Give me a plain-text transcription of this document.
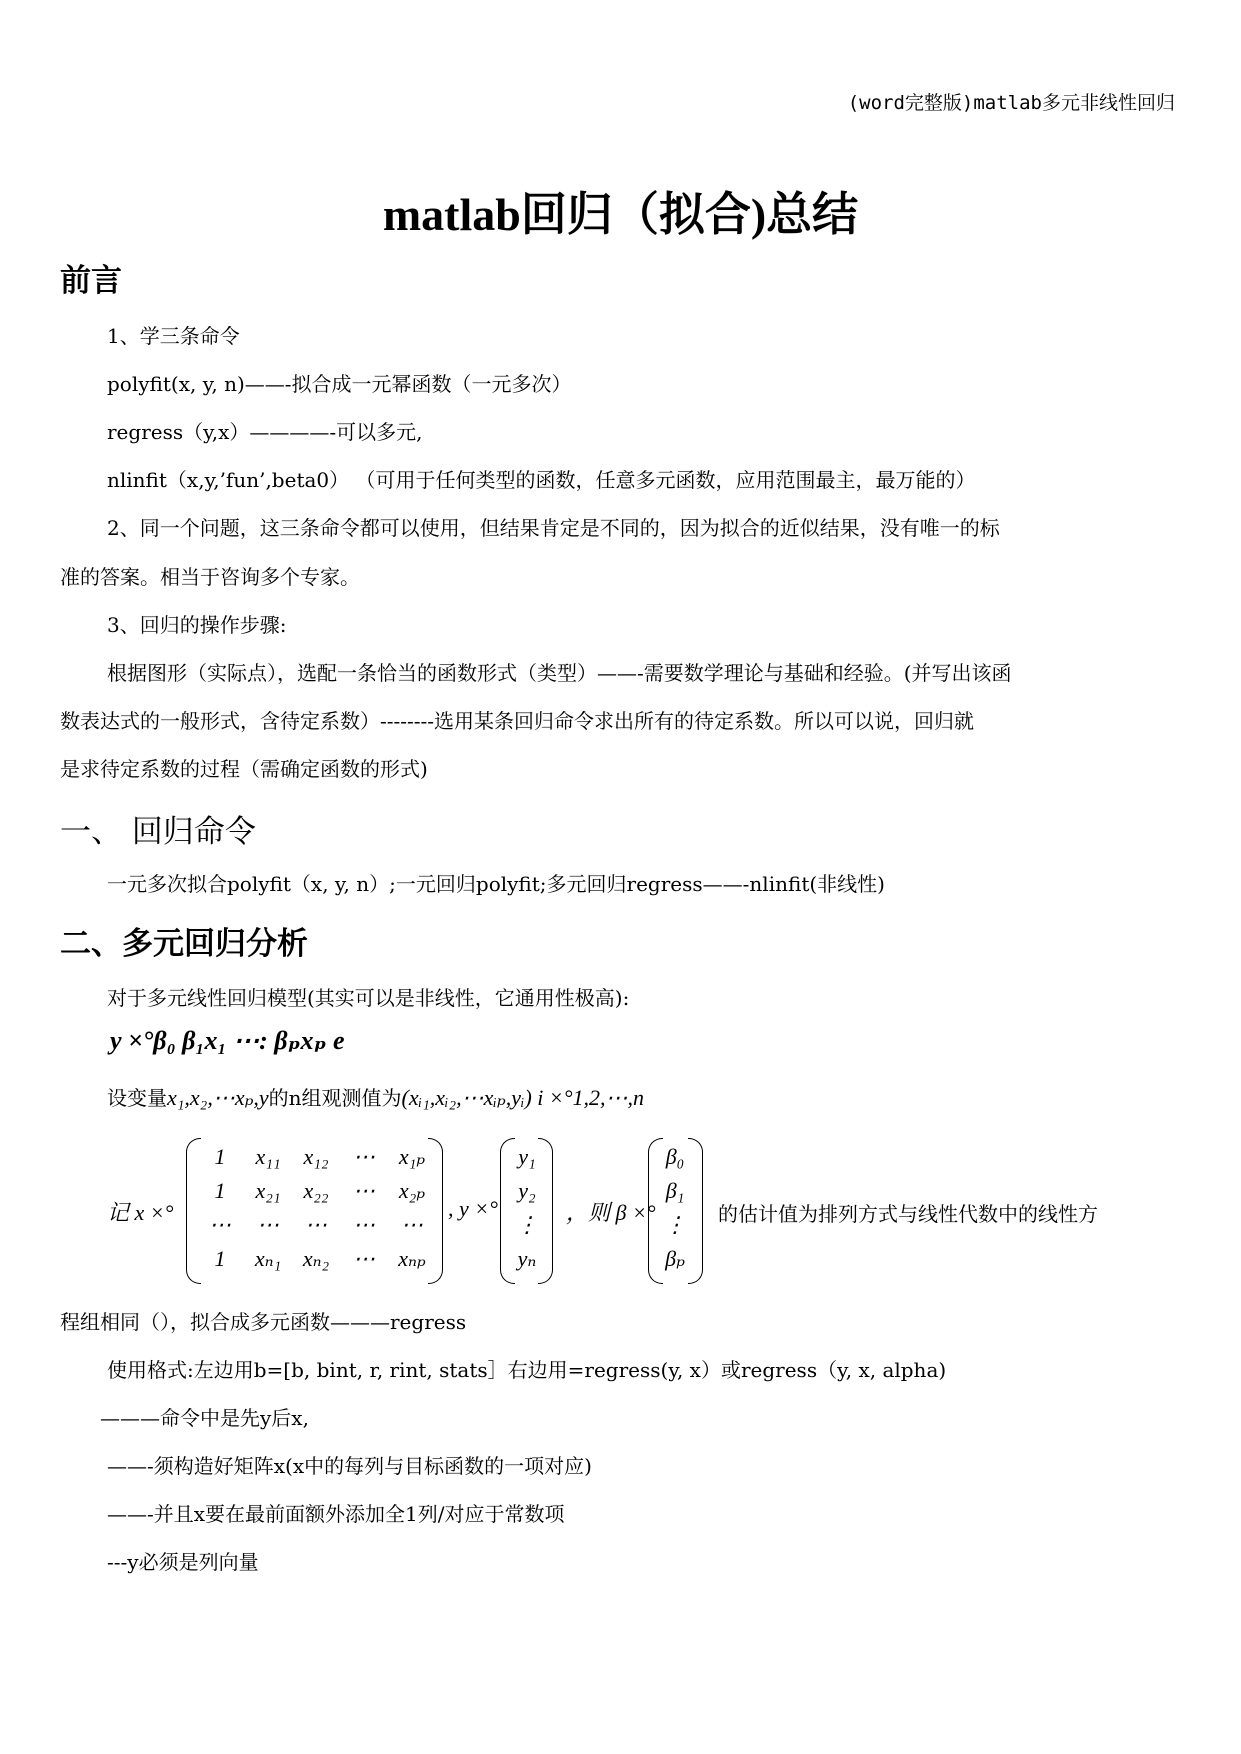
(word完整版)matlab多元非线性回归
matlab回归（拟合)总结
前言
1、学三条命令
polyfit(x, y, n)——-拟合成一元幂函数（一元多次）
regress（y,x）————-可以多元,
nlinfit（x,y,’fun’,beta0） （可用于任何类型的函数，任意多元函数，应用范围最主，最万能的）
2、同一个问题，这三条命令都可以使用，但结果肯定是不同的，因为拟合的近似结果，没有唯一的标
准的答案。相当于咨询多个专家。
3、回归的操作步骤:
根据图形（实际点），选配一条恰当的函数形式（类型）——-需要数学理论与基础和经验。(并写出该函
数表达式的一般形式，含待定系数）--------选用某条回归命令求出所有的待定系数。所以可以说，回归就
是求待定系数的过程（需确定函数的形式)
一、 回归命令
一元多次拟合polyfit（x, y, n）;一元回归polyfit;多元回归regress——-nlinfit(非线性)
二、多元回归分析
对于多元线性回归模型(其实可以是非线性，它通用性极高):
y ×°β₀ β₁x₁ ⋯: βₚxₚ e
设变量x₁,x₂,⋯xₚ,y的n组观测值为(xᵢ₁,xᵢ₂,⋯xᵢₚ,yᵢ) i ×°1,2,⋯,n
记 x ×°
1	x₁₁	x₁₂	⋯	x₁ₚ
1	x₂₁	x₂₂	⋯	x₂ₚ
⋯	⋯	⋯	⋯	⋯
1	xₙ₁ xₙ₂	⋯	xₙₚ
, y ×°
y₁
y₂
⋮
yₙ
，则 β ×°
β₀
β₁
⋮
βₚ
的估计值为排列方式与线性代数中的线性方
程组相同（），拟合成多元函数———regress
使用格式:左边用b=[b, bint, r, rint, stats］右边用=regress(y, x）或regress（y, x, alpha)
———命令中是先y后x,
——-须构造好矩阵x(x中的每列与目标函数的一项对应)
——-并且x要在最前面额外添加全1列/对应于常数项
---y必须是列向量
